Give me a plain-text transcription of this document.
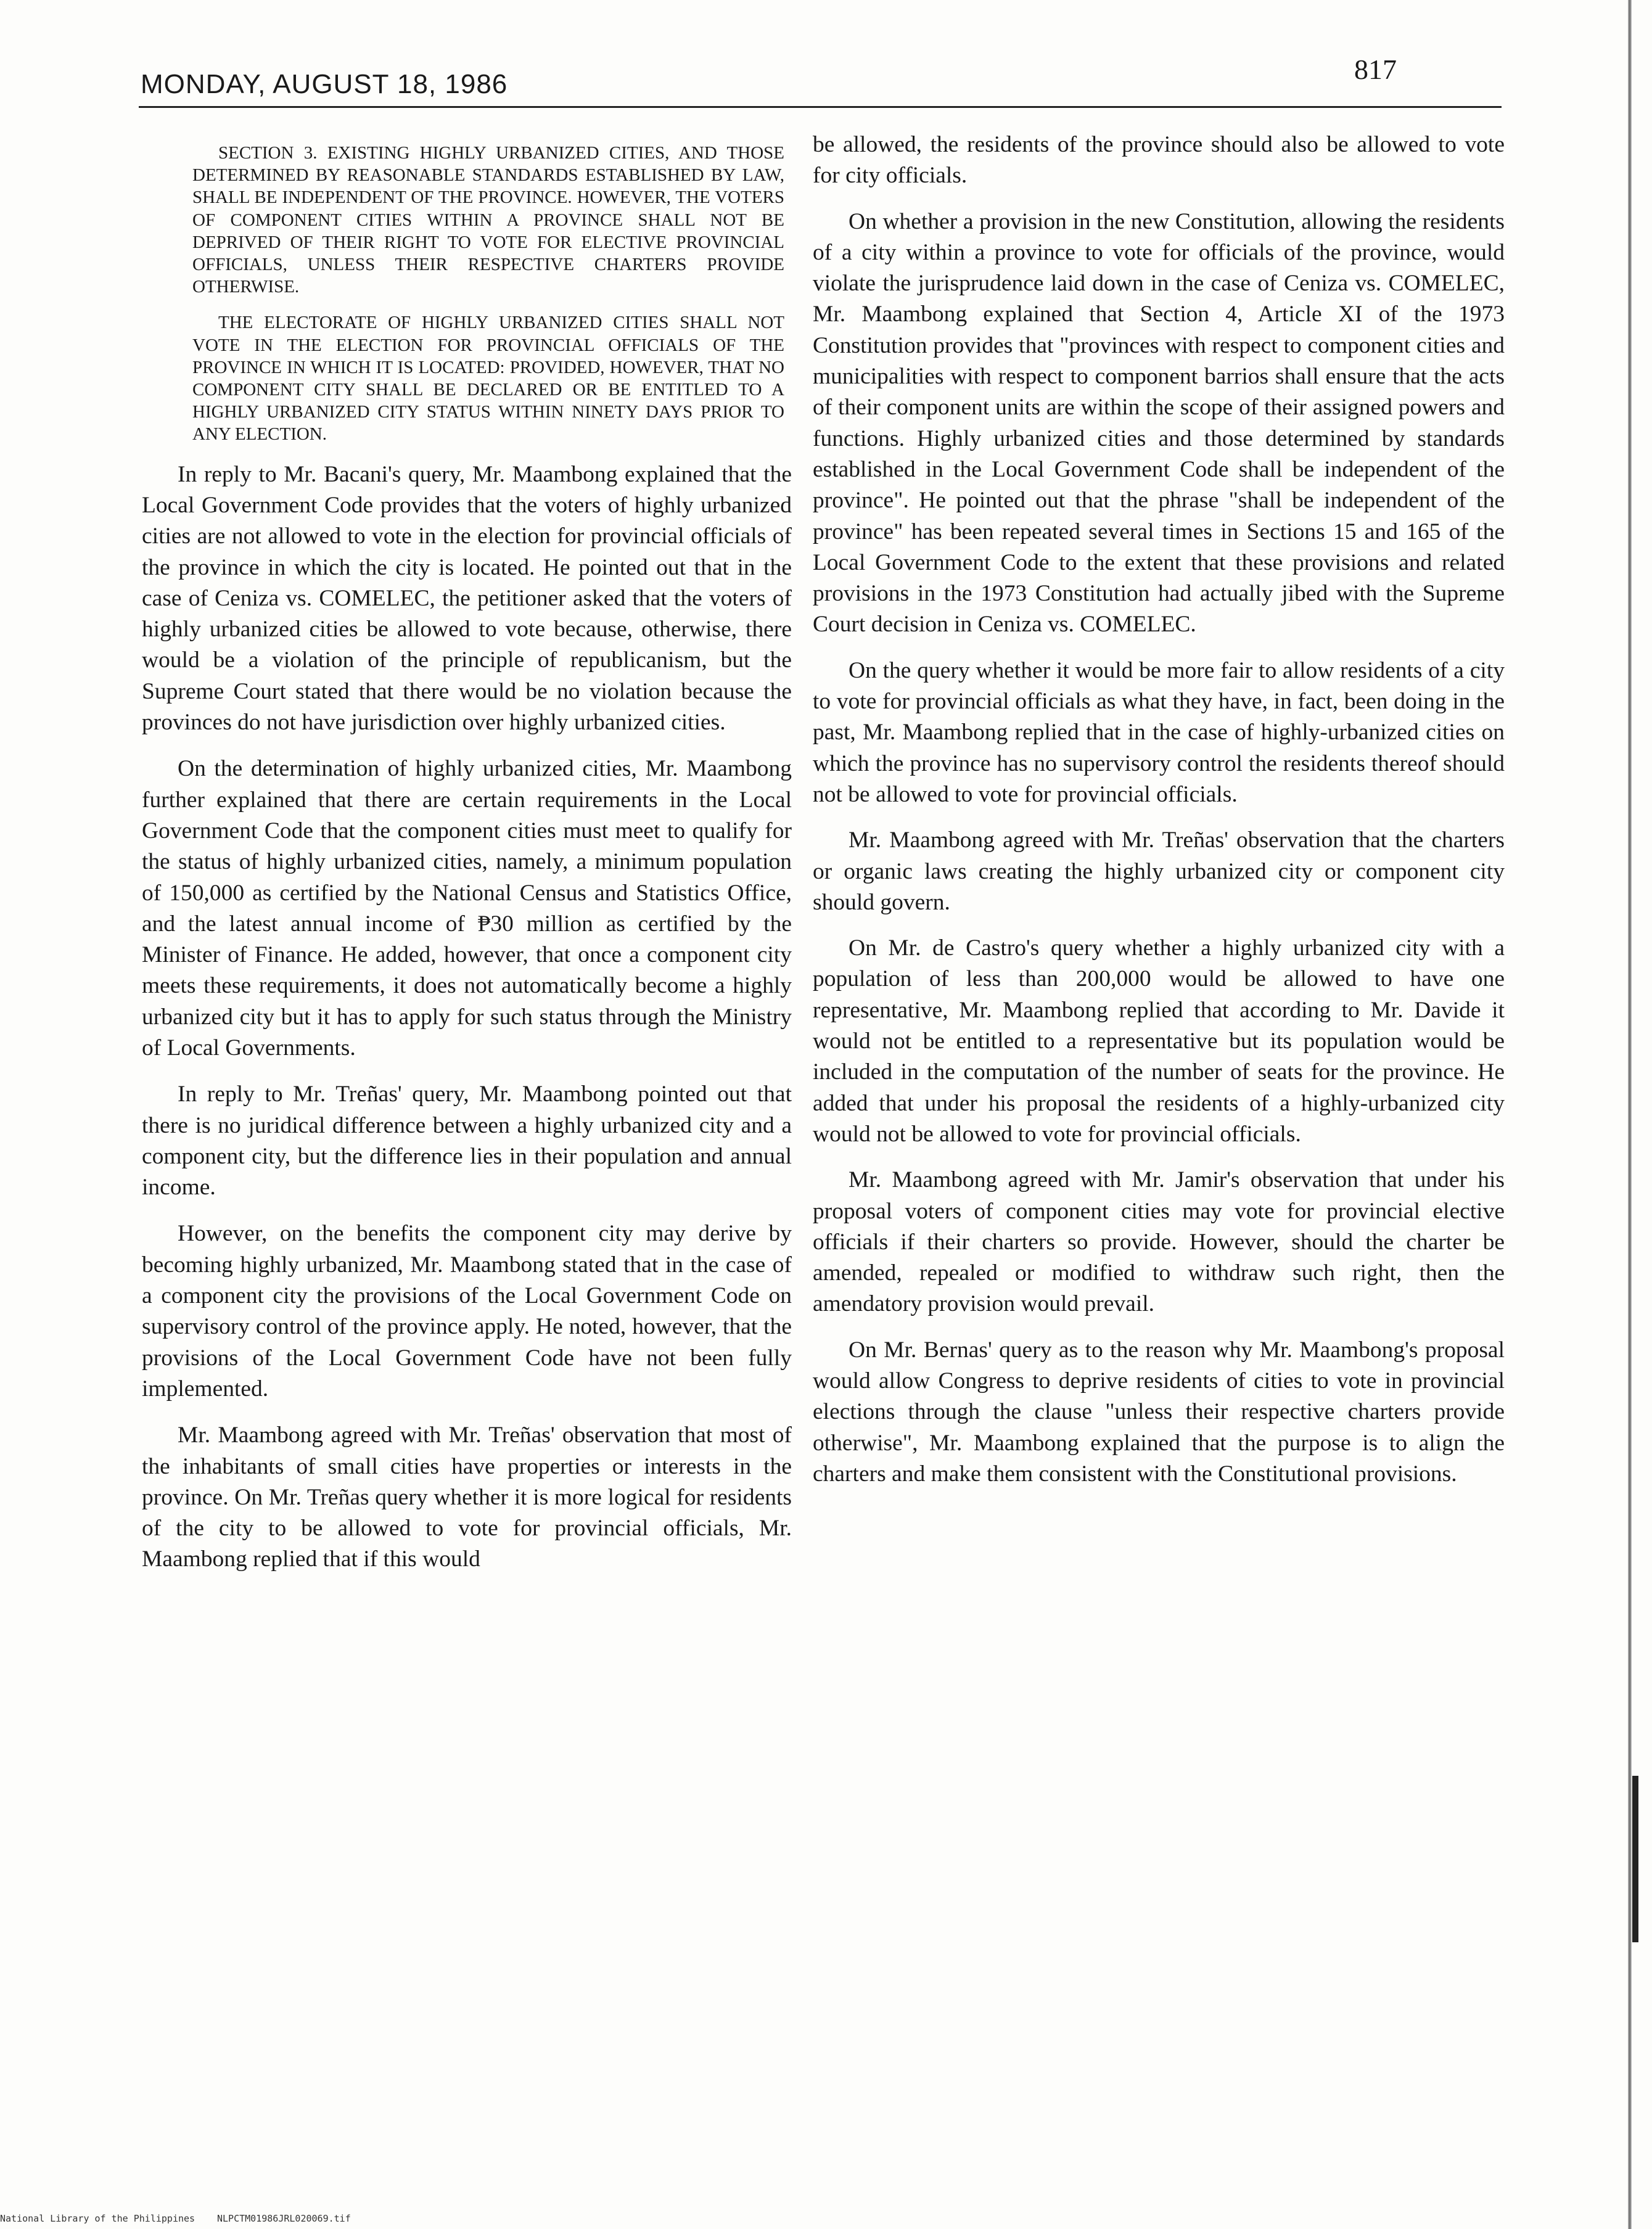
MONDAY, AUGUST 18, 1986	817

SECTION 3. EXISTING HIGHLY URBANIZED CITIES, AND THOSE DETERMINED BY REASONABLE STANDARDS ESTABLISHED BY LAW, SHALL BE INDEPENDENT OF THE PROVINCE. HOWEVER, THE VOTERS OF COMPONENT CITIES WITHIN A PROVINCE SHALL NOT BE DEPRIVED OF THEIR RIGHT TO VOTE FOR ELECTIVE PROVINCIAL OFFICIALS, UNLESS THEIR RESPECTIVE CHARTERS PROVIDE OTHERWISE.

THE ELECTORATE OF HIGHLY URBANIZED CITIES SHALL NOT VOTE IN THE ELECTION FOR PROVINCIAL OFFICIALS OF THE PROVINCE IN WHICH IT IS LOCATED: PROVIDED, HOWEVER, THAT NO COMPONENT CITY SHALL BE DECLARED OR BE ENTITLED TO A HIGHLY URBANIZED CITY STATUS WITHIN NINETY DAYS PRIOR TO ANY ELECTION.

In reply to Mr. Bacani's query, Mr. Maambong explained that the Local Government Code provides that the voters of highly urbanized cities are not allowed to vote in the election for provincial officials of the province in which the city is located. He pointed out that in the case of Ceniza vs. COMELEC, the petitioner asked that the voters of highly urbanized cities be allowed to vote because, otherwise, there would be a violation of the principle of republicanism, but the Supreme Court stated that there would be no violation because the provinces do not have jurisdiction over highly urbanized cities.

On the determination of highly urbanized cities, Mr. Maambong further explained that there are certain requirements in the Local Government Code that the component cities must meet to qualify for the status of highly urbanized cities, namely, a minimum population of 150,000 as certified by the National Census and Statistics Office, and the latest annual income of ₱30 million as certified by the Minister of Finance. He added, however, that once a component city meets these requirements, it does not automatically become a highly urbanized city but it has to apply for such status through the Ministry of Local Governments.

In reply to Mr. Treñas' query, Mr. Maambong pointed out that there is no juridical difference between a highly urbanized city and a component city, but the difference lies in their population and annual income.

However, on the benefits the component city may derive by becoming highly urbanized, Mr. Maambong stated that in the case of a component city the provisions of the Local Government Code on supervisory control of the province apply. He noted, however, that the provisions of the Local Government Code have not been fully implemented.

Mr. Maambong agreed with Mr. Treñas' observation that most of the inhabitants of small cities have properties or interests in the province. On Mr. Treñas query whether it is more logical for residents of the city to be allowed to vote for provincial officials, Mr. Maambong replied that if this would

be allowed, the residents of the province should also be allowed to vote for city officials.

On whether a provision in the new Constitution, allowing the residents of a city within a province to vote for officials of the province, would violate the jurisprudence laid down in the case of Ceniza vs. COMELEC, Mr. Maambong explained that Section 4, Article XI of the 1973 Constitution provides that "provinces with respect to component cities and municipalities with respect to component barrios shall ensure that the acts of their component units are within the scope of their assigned powers and functions. Highly urbanized cities and those determined by standards established in the Local Government Code shall be independent of the province". He pointed out that the phrase "shall be independent of the province" has been repeated several times in Sections 15 and 165 of the Local Government Code to the extent that these provisions and related provisions in the 1973 Constitution had actually jibed with the Supreme Court decision in Ceniza vs. COMELEC.

On the query whether it would be more fair to allow residents of a city to vote for provincial officials as what they have, in fact, been doing in the past, Mr. Maambong replied that in the case of highly-urbanized cities on which the province has no supervisory control the residents thereof should not be allowed to vote for provincial officials.

Mr. Maambong agreed with Mr. Treñas' observation that the charters or organic laws creating the highly urbanized city or component city should govern.

On Mr. de Castro's query whether a highly urbanized city with a population of less than 200,000 would be allowed to have one representative, Mr. Maambong replied that according to Mr. Davide it would not be entitled to a representative but its population would be included in the computation of the number of seats for the province. He added that under his proposal the residents of a highly-urbanized city would not be allowed to vote for provincial officials.

Mr. Maambong agreed with Mr. Jamir's observation that under his proposal voters of component cities may vote for provincial elective officials if their charters so provide. However, should the charter be amended, repealed or modified to withdraw such right, then the amendatory provision would prevail.

On Mr. Bernas' query as to the reason why Mr. Maambong's proposal would allow Congress to deprive residents of cities to vote in provincial elections through the clause "unless their respective charters provide otherwise", Mr. Maambong explained that the purpose is to align the charters and make them consistent with the Constitutional provisions.

National Library of the Philippines NLPCTM01986JRL020069.tif
